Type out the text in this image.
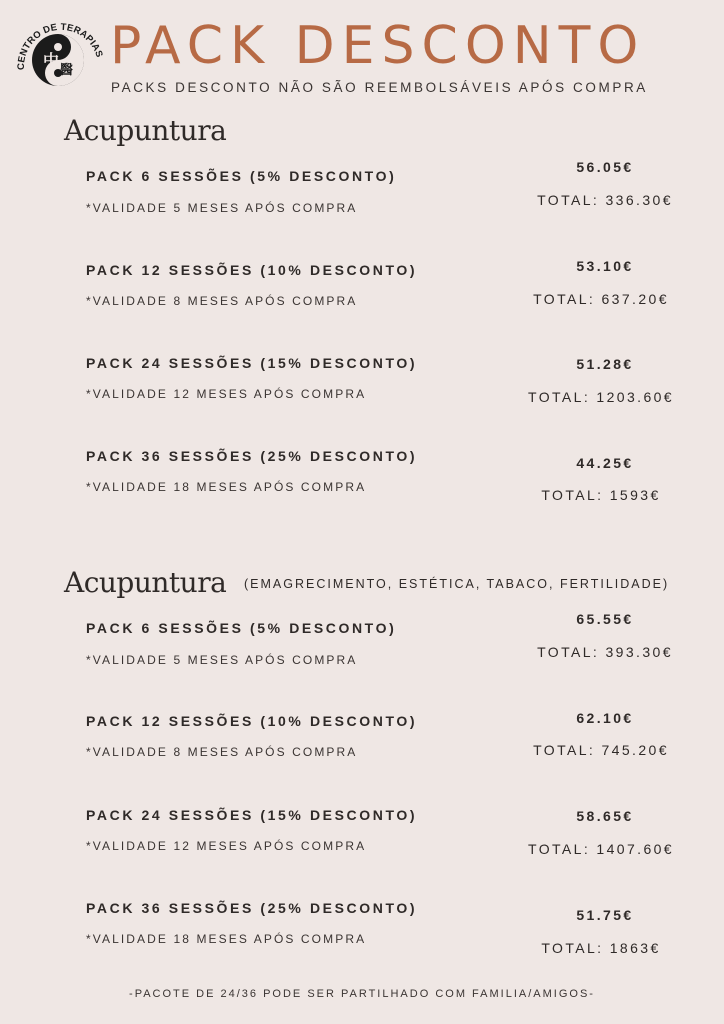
CENTRO DE TERAPIAS
中
醫 PACK DESCONTO
PACKS DESCONTO NÃO SÃO REEMBOLSÁVEIS APÓS COMPRA
Acupuntura
PACK 6 SESSÕES (5% DESCONTO)
*VALIDADE 5 MESES APÓS COMPRA
56.05€
TOTAL: 336.30€
PACK 12 SESSÕES (10% DESCONTO)
*VALIDADE 8 MESES APÓS COMPRA
53.10€
TOTAL: 637.20€
PACK 24 SESSÕES (15% DESCONTO)
*VALIDADE 12 MESES APÓS COMPRA
51.28€
TOTAL: 1203.60€
PACK 36 SESSÕES (25% DESCONTO)
*VALIDADE 18 MESES APÓS COMPRA
44.25€
TOTAL: 1593€
Acupuntura (EMAGRECIMENTO, ESTÉTICA, TABACO, FERTILIDADE)
PACK 6 SESSÕES (5% DESCONTO)
*VALIDADE 5 MESES APÓS COMPRA
65.55€
TOTAL: 393.30€
PACK 12 SESSÕES (10% DESCONTO)
*VALIDADE 8 MESES APÓS COMPRA
62.10€
TOTAL: 745.20€
PACK 24 SESSÕES (15% DESCONTO)
*VALIDADE 12 MESES APÓS COMPRA
58.65€
TOTAL: 1407.60€
PACK 36 SESSÕES (25% DESCONTO)
*VALIDADE 18 MESES APÓS COMPRA
51.75€
TOTAL: 1863€
-PACOTE DE 24/36 PODE SER PARTILHADO COM FAMILIA/AMIGOS-
